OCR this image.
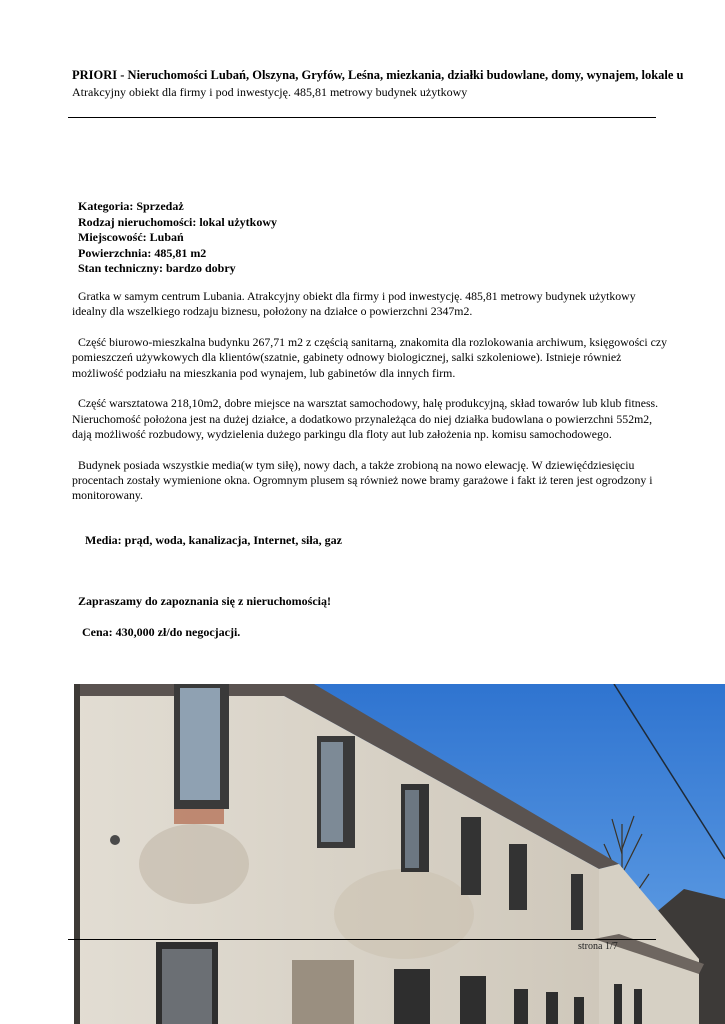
PRIORI - Nieruchomości Lubań, Olszyna, Gryfów, Leśna, miezkania, działki budowlane, domy, wynajem, lokale u
Atrakcyjny obiekt dla firmy i pod inwestycję. 485,81 metrowy budynek użytkowy
Kategoria: Sprzedaż
Rodzaj nieruchomości: lokal użytkowy
Miejscowość: Lubań
Powierzchnia: 485,81 m2
Stan techniczny: bardzo dobry

Gratka w samym centrum Lubania. Atrakcyjny obiekt dla firmy i pod inwestycję. 485,81 metrowy budynek użytkowy idealny dla wszelkiego rodzaju biznesu, położony na działce o powierzchni 2347m2.

Część biurowo-mieszkalna budynku 267,71 m2 z częścią sanitarną, znakomita dla rozlokowania archiwum, księgowości czy pomieszczeń używkowych dla klientów(szatnie, gabinety odnowy biologicznej, salki szkoleniowe). Istnieje również możliwość podziału na mieszkania pod wynajem, lub gabinetów dla innych firm.

Część warsztatowa 218,10m2, dobre miejsce na warsztat samochodowy, halę produkcyjną, skład towarów lub klub fitness. Nieruchomość położona jest na dużej działce, a dodatkowo przynależąca do niej działka budowlana o powierzchni 552m2, dają możliwość rozbudowy, wydzielenia dużego parkingu dla floty aut lub założenia np. komisu samochodowego.

Budynek posiada wszystkie media(w tym siłę), nowy dach, a także zrobioną na nowo elewację. W dziewięćdziesięciu procentach zostały wymienione okna. Ogromnym plusem są również nowe bramy garażowe i fakt iż teren jest ogrodzony i monitorowany.

Media: prąd, woda, kanalizacja, Internet, siła, gaz
Zapraszamy do zapoznania się z nieruchomością!
Cena: 430,000 zł/do negocjacji.
strona 1/7
